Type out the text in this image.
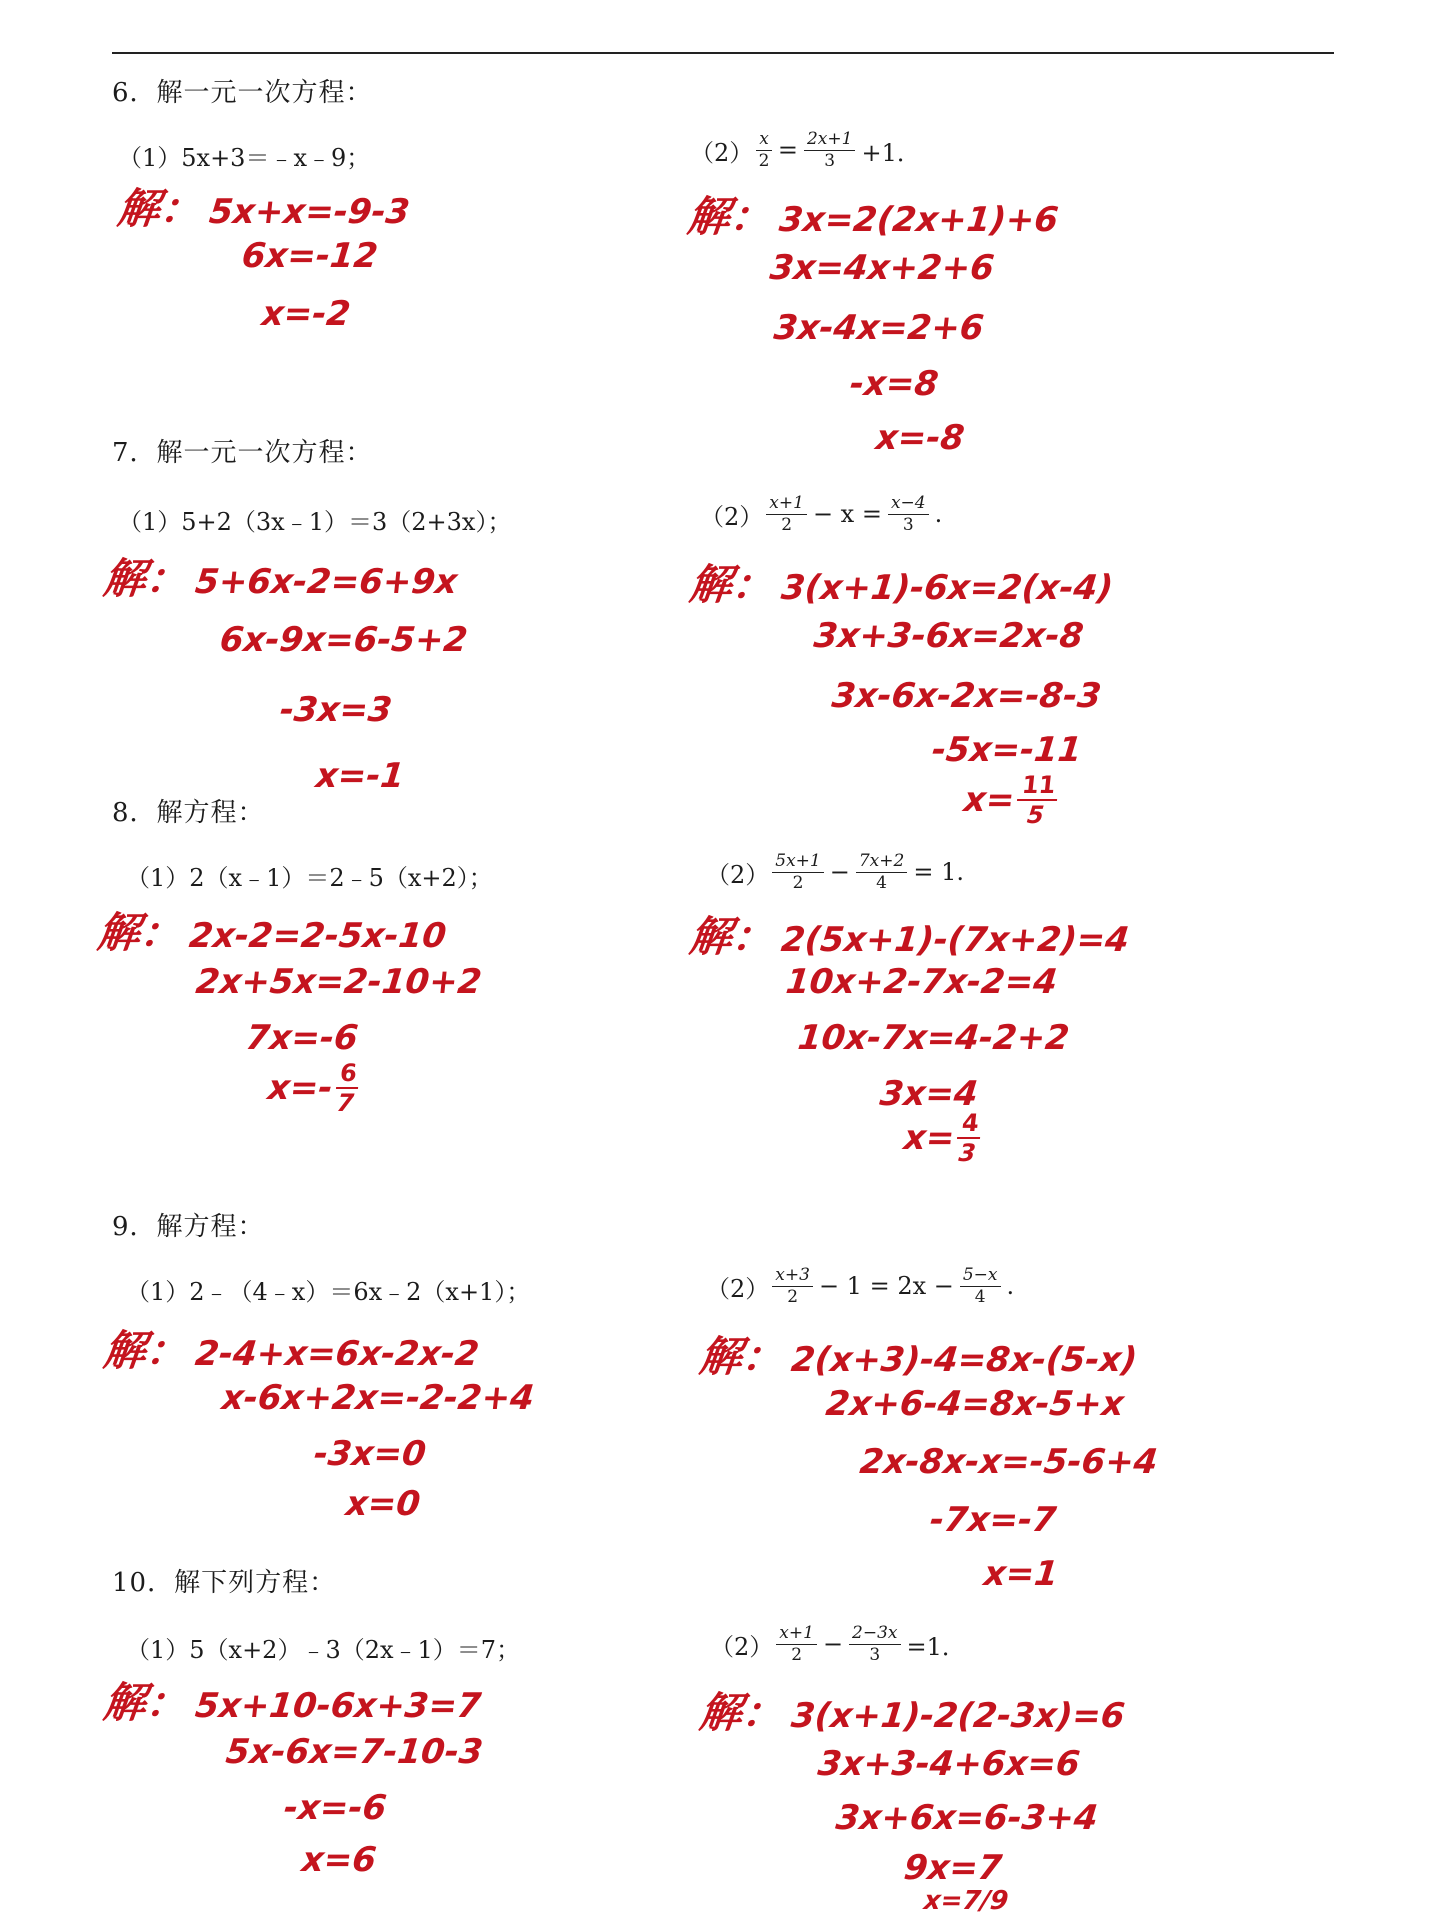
6．解一元一次方程：
（1）5x+3＝﹣x﹣9；
解：5x+x=-9-3
6x=-12
x=-2
$(2) \frac{x}{2} = \frac{2x+1}{3} +1$．
解：3x=2(2x+1)+6
3x=4x+2+6
3x-4x=2+6
-x=8
x=-8
7．解一元一次方程：
（1）5+2（3x﹣1）＝3（2+3x）；
解：5+6x-2=6+9x
6x-9x=6-5+2
-3x=3
x=-1
$(2) \frac{x+1}{2} - x = \frac{x-4}{3}$ .
解：3(x+1)-6x=2(x-4)
3x+3-6x=2x-8
3x-6x-2x=-8-3
-5x=-11
x=
$\frac{11}{5}$
8．解方程：
（1）2（x﹣1）＝2﹣5（x+2）；
解：2x-2=2-5x-10
2x+5x=2-10+2
7x=-6
x=-
$\frac{6}{7}$
$(2) \frac{5x+1}{2} - \frac{7x+2}{4} = 1$.
解：2(5x+1)-(7x+2)=4
10x+2-7x-2=4
10x-7x=4-2+2
3x=4
x=
$\frac{4}{3}$
9．解方程：
（1）2﹣（4﹣x）＝6x﹣2（x+1）；
解：2-4+x=6x-2x-2
x-6x+2x=-2-2+4
-3x=0
x=0
$(2) \frac{x+3}{2} - 1 = 2x - \frac{5-x}{4}$ .
解：2(x+3)-4=8x-(5-x)
2x+6-4=8x-5+x
2x-8x-x=-5-6+4
-7x=-7
x=1
10．解下列方程：
（1）5（x+2）﹣3（2x﹣1）＝7；
解：5x+10-6x+3=7
5x-6x=7-10-3
-x=-6
x=6
$(2) \frac{x+1}{2} - \frac{2-3x}{3} =1$．
解：3(x+1)-2(2-3x)=6
3x+3-4+6x=6
3x+6x=6-3+4
9x=7
x=7/9
